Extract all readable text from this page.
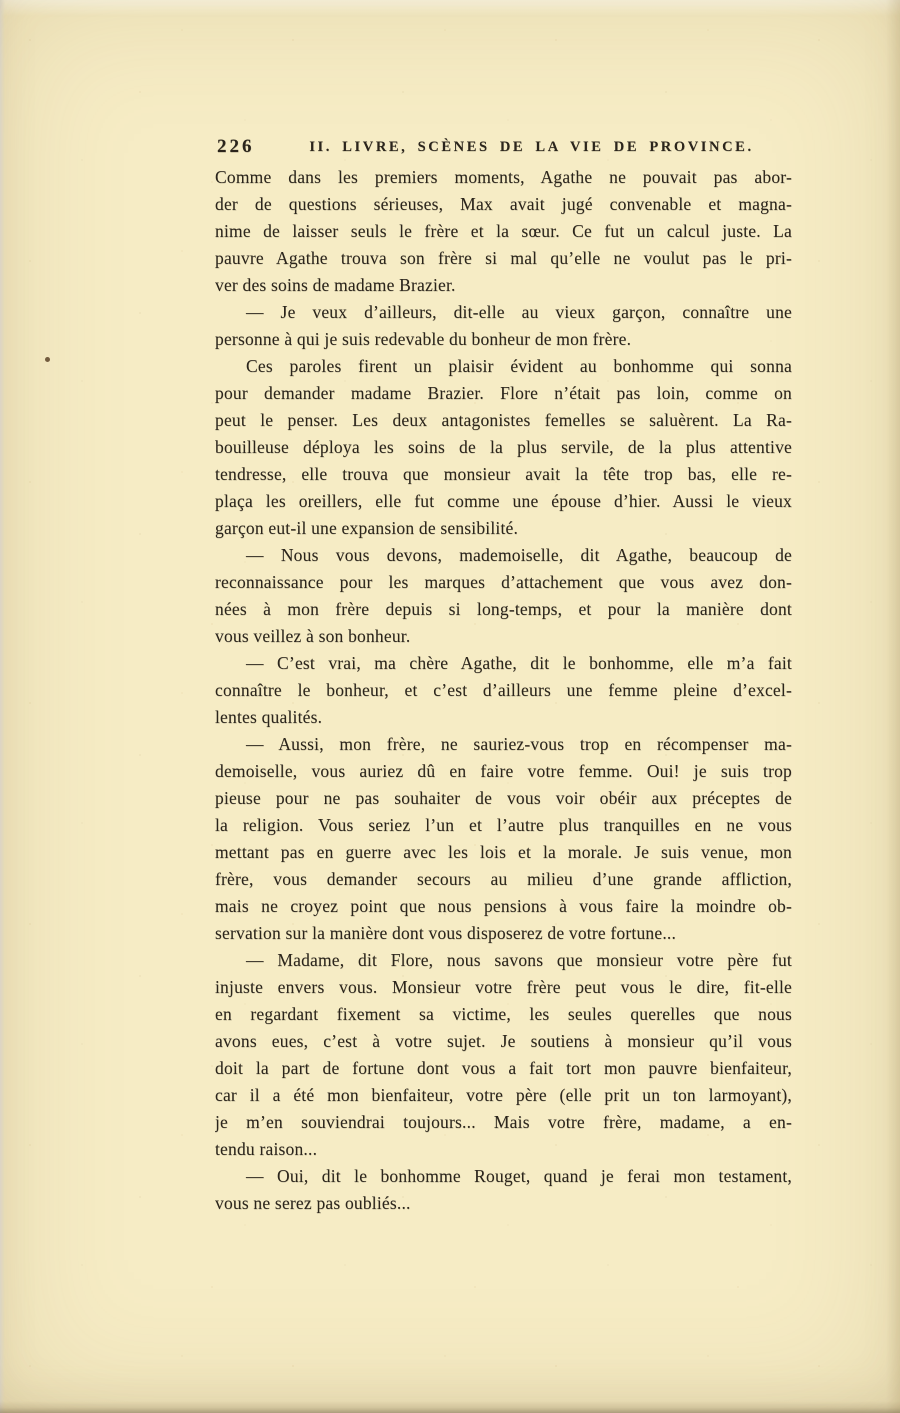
226	II. LIVRE, SCÈNES DE LA VIE DE PROVINCE.
Comme dans les premiers moments, Agathe ne pouvait pas abor-
der de questions sérieuses, Max avait jugé convenable et magna-
nime de laisser seuls le frère et la sœur. Ce fut un calcul juste. La
pauvre Agathe trouva son frère si mal qu’elle ne voulut pas le pri-
ver des soins de madame Brazier.
— Je veux d’ailleurs, dit-elle au vieux garçon, connaître une
personne à qui je suis redevable du bonheur de mon frère.
Ces paroles firent un plaisir évident au bonhomme qui sonna
pour demander madame Brazier. Flore n’était pas loin, comme on
peut le penser. Les deux antagonistes femelles se saluèrent. La Ra-
bouilleuse déploya les soins de la plus servile, de la plus attentive
tendresse, elle trouva que monsieur avait la tête trop bas, elle re-
plaça les oreillers, elle fut comme une épouse d’hier. Aussi le vieux
garçon eut-il une expansion de sensibilité.
— Nous vous devons, mademoiselle, dit Agathe, beaucoup de
reconnaissance pour les marques d’attachement que vous avez don-
nées à mon frère depuis si long-temps, et pour la manière dont
vous veillez à son bonheur.
— C’est vrai, ma chère Agathe, dit le bonhomme, elle m’a fait
connaître le bonheur, et c’est d’ailleurs une femme pleine d’excel-
lentes qualités.
— Aussi, mon frère, ne sauriez-vous trop en récompenser ma-
demoiselle, vous auriez dû en faire votre femme. Oui! je suis trop
pieuse pour ne pas souhaiter de vous voir obéir aux préceptes de
la religion. Vous seriez l’un et l’autre plus tranquilles en ne vous
mettant pas en guerre avec les lois et la morale. Je suis venue, mon
frère, vous demander secours au milieu d’une grande affliction,
mais ne croyez point que nous pensions à vous faire la moindre ob-
servation sur la manière dont vous disposerez de votre fortune...
— Madame, dit Flore, nous savons que monsieur votre père fut
injuste envers vous. Monsieur votre frère peut vous le dire, fit-elle
en regardant fixement sa victime, les seules querelles que nous
avons eues, c’est à votre sujet. Je soutiens à monsieur qu’il vous
doit la part de fortune dont vous a fait tort mon pauvre bienfaiteur,
car il a été mon bienfaiteur, votre père (elle prit un ton larmoyant),
je m’en souviendrai toujours... Mais votre frère, madame, a en-
tendu raison...
— Oui, dit le bonhomme Rouget, quand je ferai mon testament,
vous ne serez pas oubliés...
